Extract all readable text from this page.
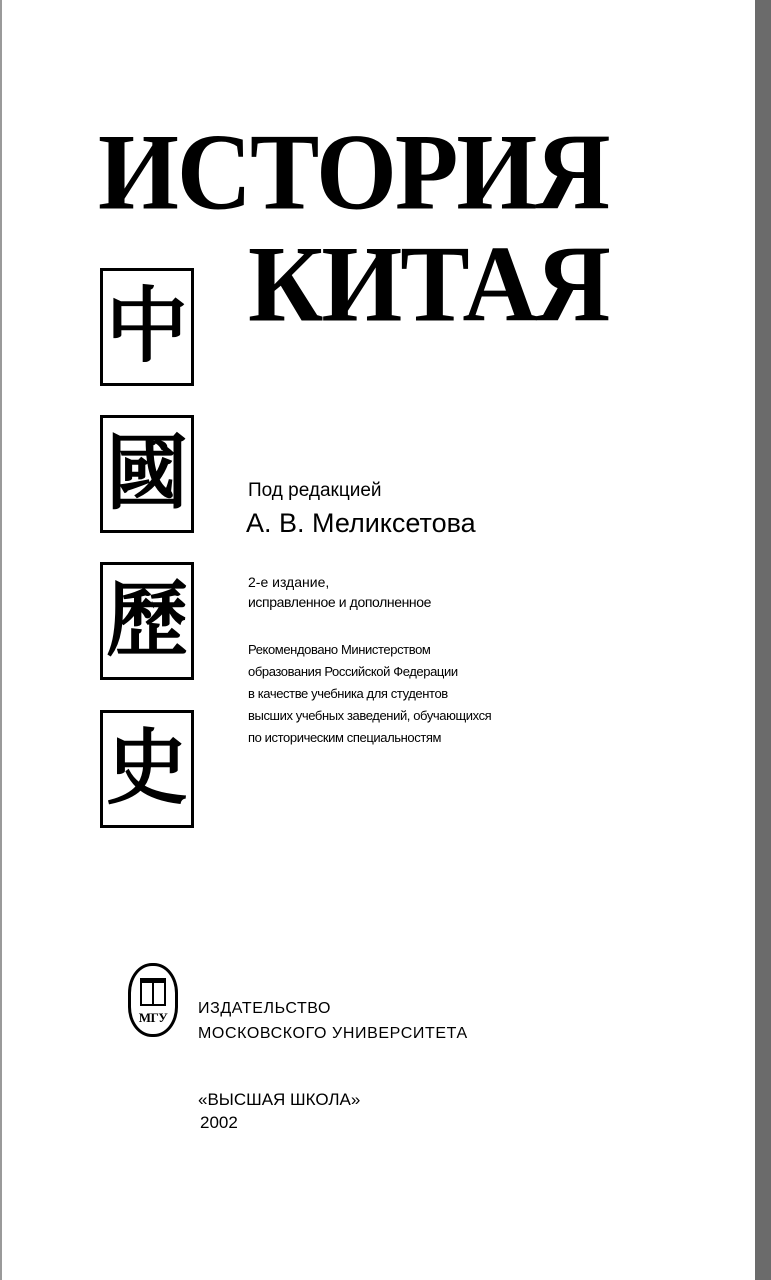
ИСТОРИЯ
КИТАЯ
中
國
歷
史

Под редакцией

А. В. Меликсетова

2-е издание,

исправленное и дополненное

Рекомендовано Министерством

образования Российской Федерации

в качестве учебника для студентов

высших учебных заведений, обучающихся

по историческим специальностям

МГУ

ИЗДАТЕЛЬСТВО

МОСКОВСКОГО УНИВЕРСИТЕТА

«ВЫСШАЯ ШКОЛА»

2002
